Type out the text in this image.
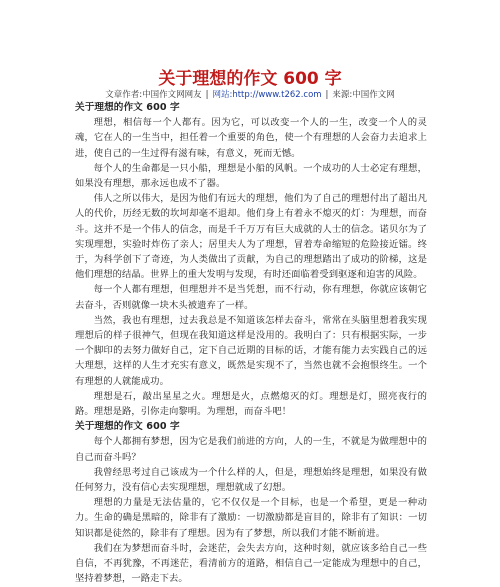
关于理想的作文 600 字
文章作者:中国作文网网友 | 网站:http://www.t262.com | 来源:中国作文网
关于理想的作文 600 字

理想，相信每一个人都有。因为它，可以改变一个人的一生，改变一个人的灵魂，它在人的一生当中，担任着一个重要的角色，使一个有理想的人会奋力去追求上进，使自己的一生过得有滋有味，有意义，死而无憾。

每个人的生命都是一只小船，理想是小船的风帆。一个成功的人士必定有理想，如果没有理想，那永远也成不了器。

伟人之所以伟大，是因为他们有远大的理想，他们为了自己的理想付出了超出凡人的代价，历经无数的坎坷却毫不退却。他们身上有着永不熄灭的灯：为理想，而奋斗。这并不是一个伟人的信念，而是千千万万有巨大成就的人士的信念。诺贝尔为了实现理想，实验时炸伤了亲人；居里夫人为了理想，冒着寿命缩短的危险接近镭。终于，为科学创下了奇迹，为人类做出了贡献，为自己的理想踏出了成功的阶梯，这是他们理想的结晶。世界上的重大发明与发现，有时还面临着受到驱逐和迫害的风险。

每一个人都有理想，但理想并不是当凭想，而不行动，你有理想，你就应该朝它去奋斗，否则就像一块木头被遗弃了一样。

当然，我也有理想，过去我总是不知道该怎样去奋斗，常常在头脑里想着我实现理想后的样子很神气，但现在我知道这样是没用的。我明白了：只有根据实际，一步一个脚印的去努力做好自己，定下自己近期的目标的话，才能有能力去实践自己的远大理想，这样的人生才充实有意义，既然是实现不了，当然也就不会抱恨终生。一个有理想的人就能成功。

理想是石，敲出星星之火。理想是火，点燃熄灭的灯。理想是灯，照亮夜行的路。理想是路，引你走向黎明。为理想，而奋斗吧！

关于理想的作文 600 字

每个人都拥有梦想，因为它是我们前进的方向，人的一生，不就是为做理想中的自己而奋斗吗？

我曾经思考过自己该成为一个什么样的人，但是，理想始终是理想，如果没有做任何努力，没有信心去实现理想，理想就成了幻想。

理想的力量是无法估量的，它不仅仅是一个目标，也是一个希望，更是一种动力。生命的确是黑暗的，除非有了激励：一切激励都是盲目的，除非有了知识：一切知识都是徒然的，除非有了理想。因为有了梦想，所以我们才能不断前进。

我们在为梦想而奋斗时，会迷茫，会失去方向，这种时刻，就应该多给自己一些自信，不再犹豫，不再迷茫，看清前方的道路，相信自己一定能成为理想中的自己，坚持着梦想，一路走下去。
